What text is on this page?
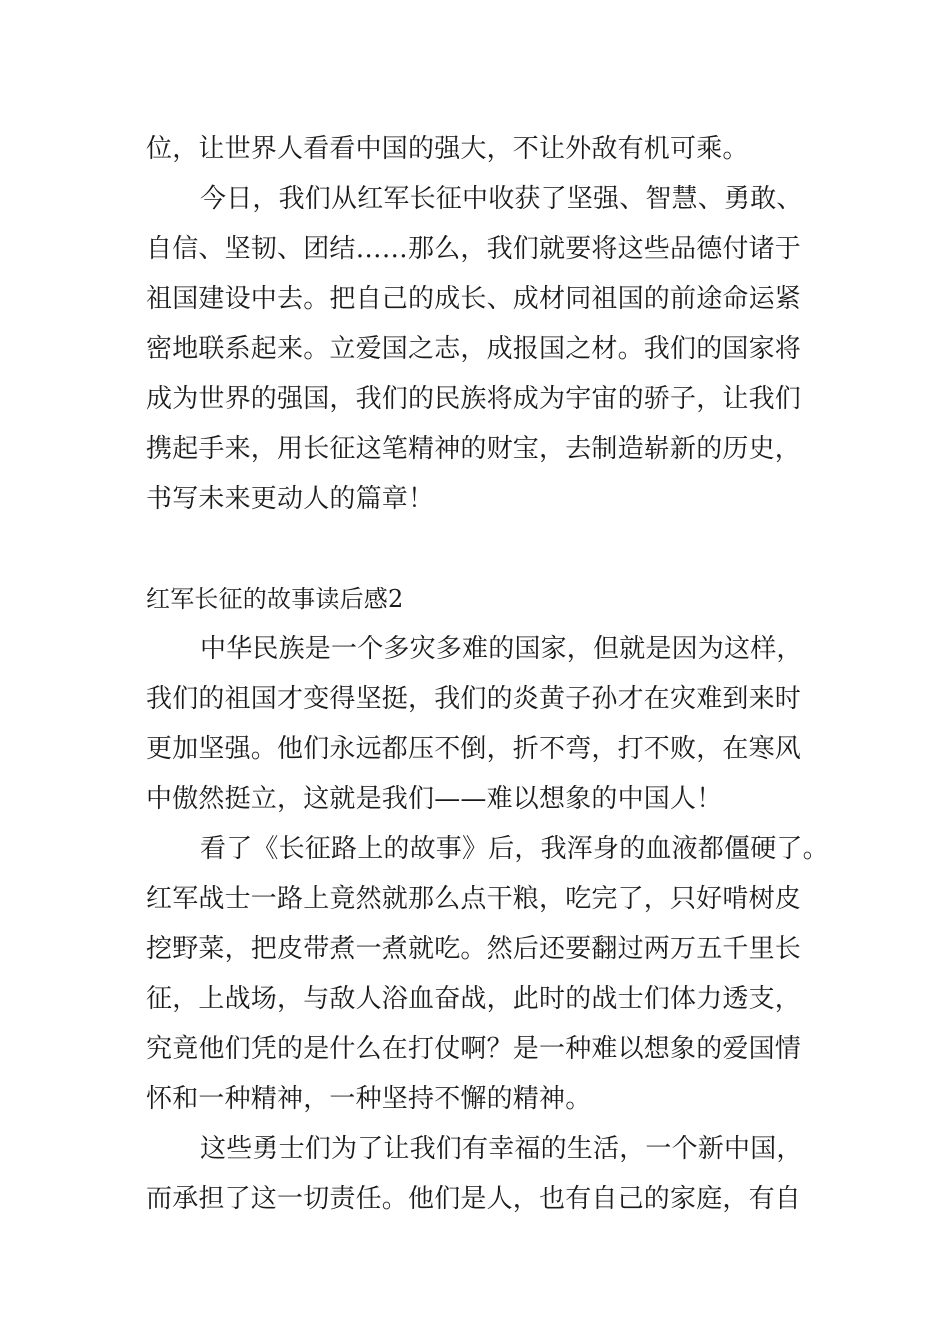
位，让世界人看看中国的强大，不让外敌有机可乘。
今日，我们从红军长征中收获了坚强、智慧、勇敢、
自信、坚韧、团结……那么，我们就要将这些品德付诸于
祖国建设中去。把自己的成长、成材同祖国的前途命运紧
密地联系起来。立爱国之志，成报国之材。我们的国家将
成为世界的强国，我们的民族将成为宇宙的骄子，让我们
携起手来，用长征这笔精神的财宝，去制造崭新的历史，
书写未来更动人的篇章！
红军长征的故事读后感2
中华民族是一个多灾多难的国家，但就是因为这样，
我们的祖国才变得坚挺，我们的炎黄子孙才在灾难到来时
更加坚强。他们永远都压不倒，折不弯，打不败，在寒风
中傲然挺立，这就是我们——难以想象的中国人！
看了《长征路上的故事》后，我浑身的血液都僵硬了。
红军战士一路上竟然就那么点干粮，吃完了，只好啃树皮
挖野菜，把皮带煮一煮就吃。然后还要翻过两万五千里长
征，上战场，与敌人浴血奋战，此时的战士们体力透支，
究竟他们凭的是什么在打仗啊？是一种难以想象的爱国情
怀和一种精神，一种坚持不懈的精神。
这些勇士们为了让我们有幸福的生活，一个新中国，
而承担了这一切责任。他们是人，也有自己的家庭，有自
